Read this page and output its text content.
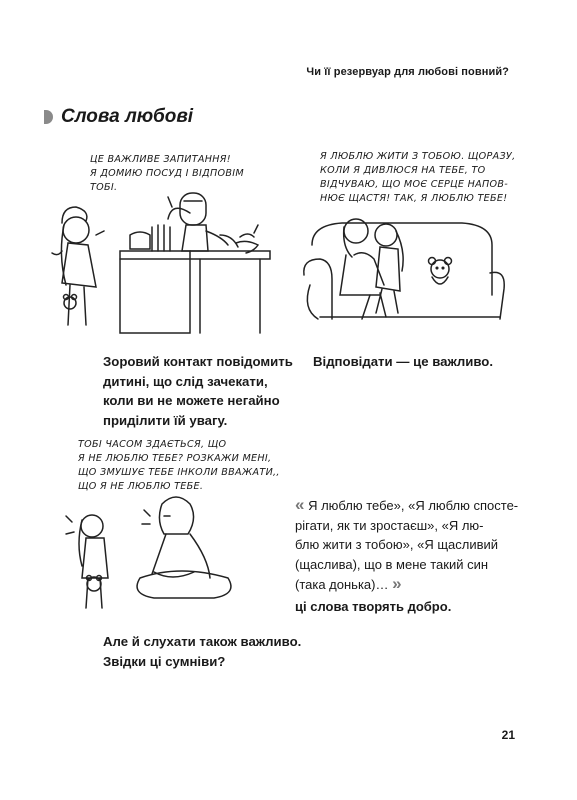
Чи її резервуар для любові повний?
Слова любові
ЦЕ ВАЖЛИВЕ ЗАПИТАННЯ!
Я ДОМИЮ ПОСУД І ВІДПОВІМ
ТОБІ.
Я ЛЮБЛЮ ЖИТИ З ТОБОЮ. ЩОРАЗУ,
КОЛИ Я ДИВЛЮСЯ НА ТЕБЕ, ТО
ВІДЧУВАЮ, ЩО МОЄ СЕРЦЕ НАПОВ-
НЮЄ ЩАСТЯ! ТАК, Я ЛЮБЛЮ ТЕБЕ!
Зоровий контакт повідомить
дитині, що слід зачекати,
коли ви не можете негайно
приділити їй увагу.
Відповідати — це важливо.
ТОБІ ЧАСОМ ЗДАЄТЬСЯ, ЩО
Я НЕ ЛЮБЛЮ ТЕБЕ? РОЗКАЖИ МЕНІ,
ЩО ЗМУШУЄ ТЕБЕ ІНКОЛИ ВВАЖАТИ,,
ЩО Я НЕ ЛЮБЛЮ ТЕБЕ.
Але й слухати також важливо.
Звідки ці сумніви?
« Я люблю тебе», «Я люблю спосте-
рігати, як ти зростаєш», «Я лю-
блю жити з тобою», «Я щасливий
(щаслива), що в мене такий син
(така донька)… »
ці слова творять добро.
21
